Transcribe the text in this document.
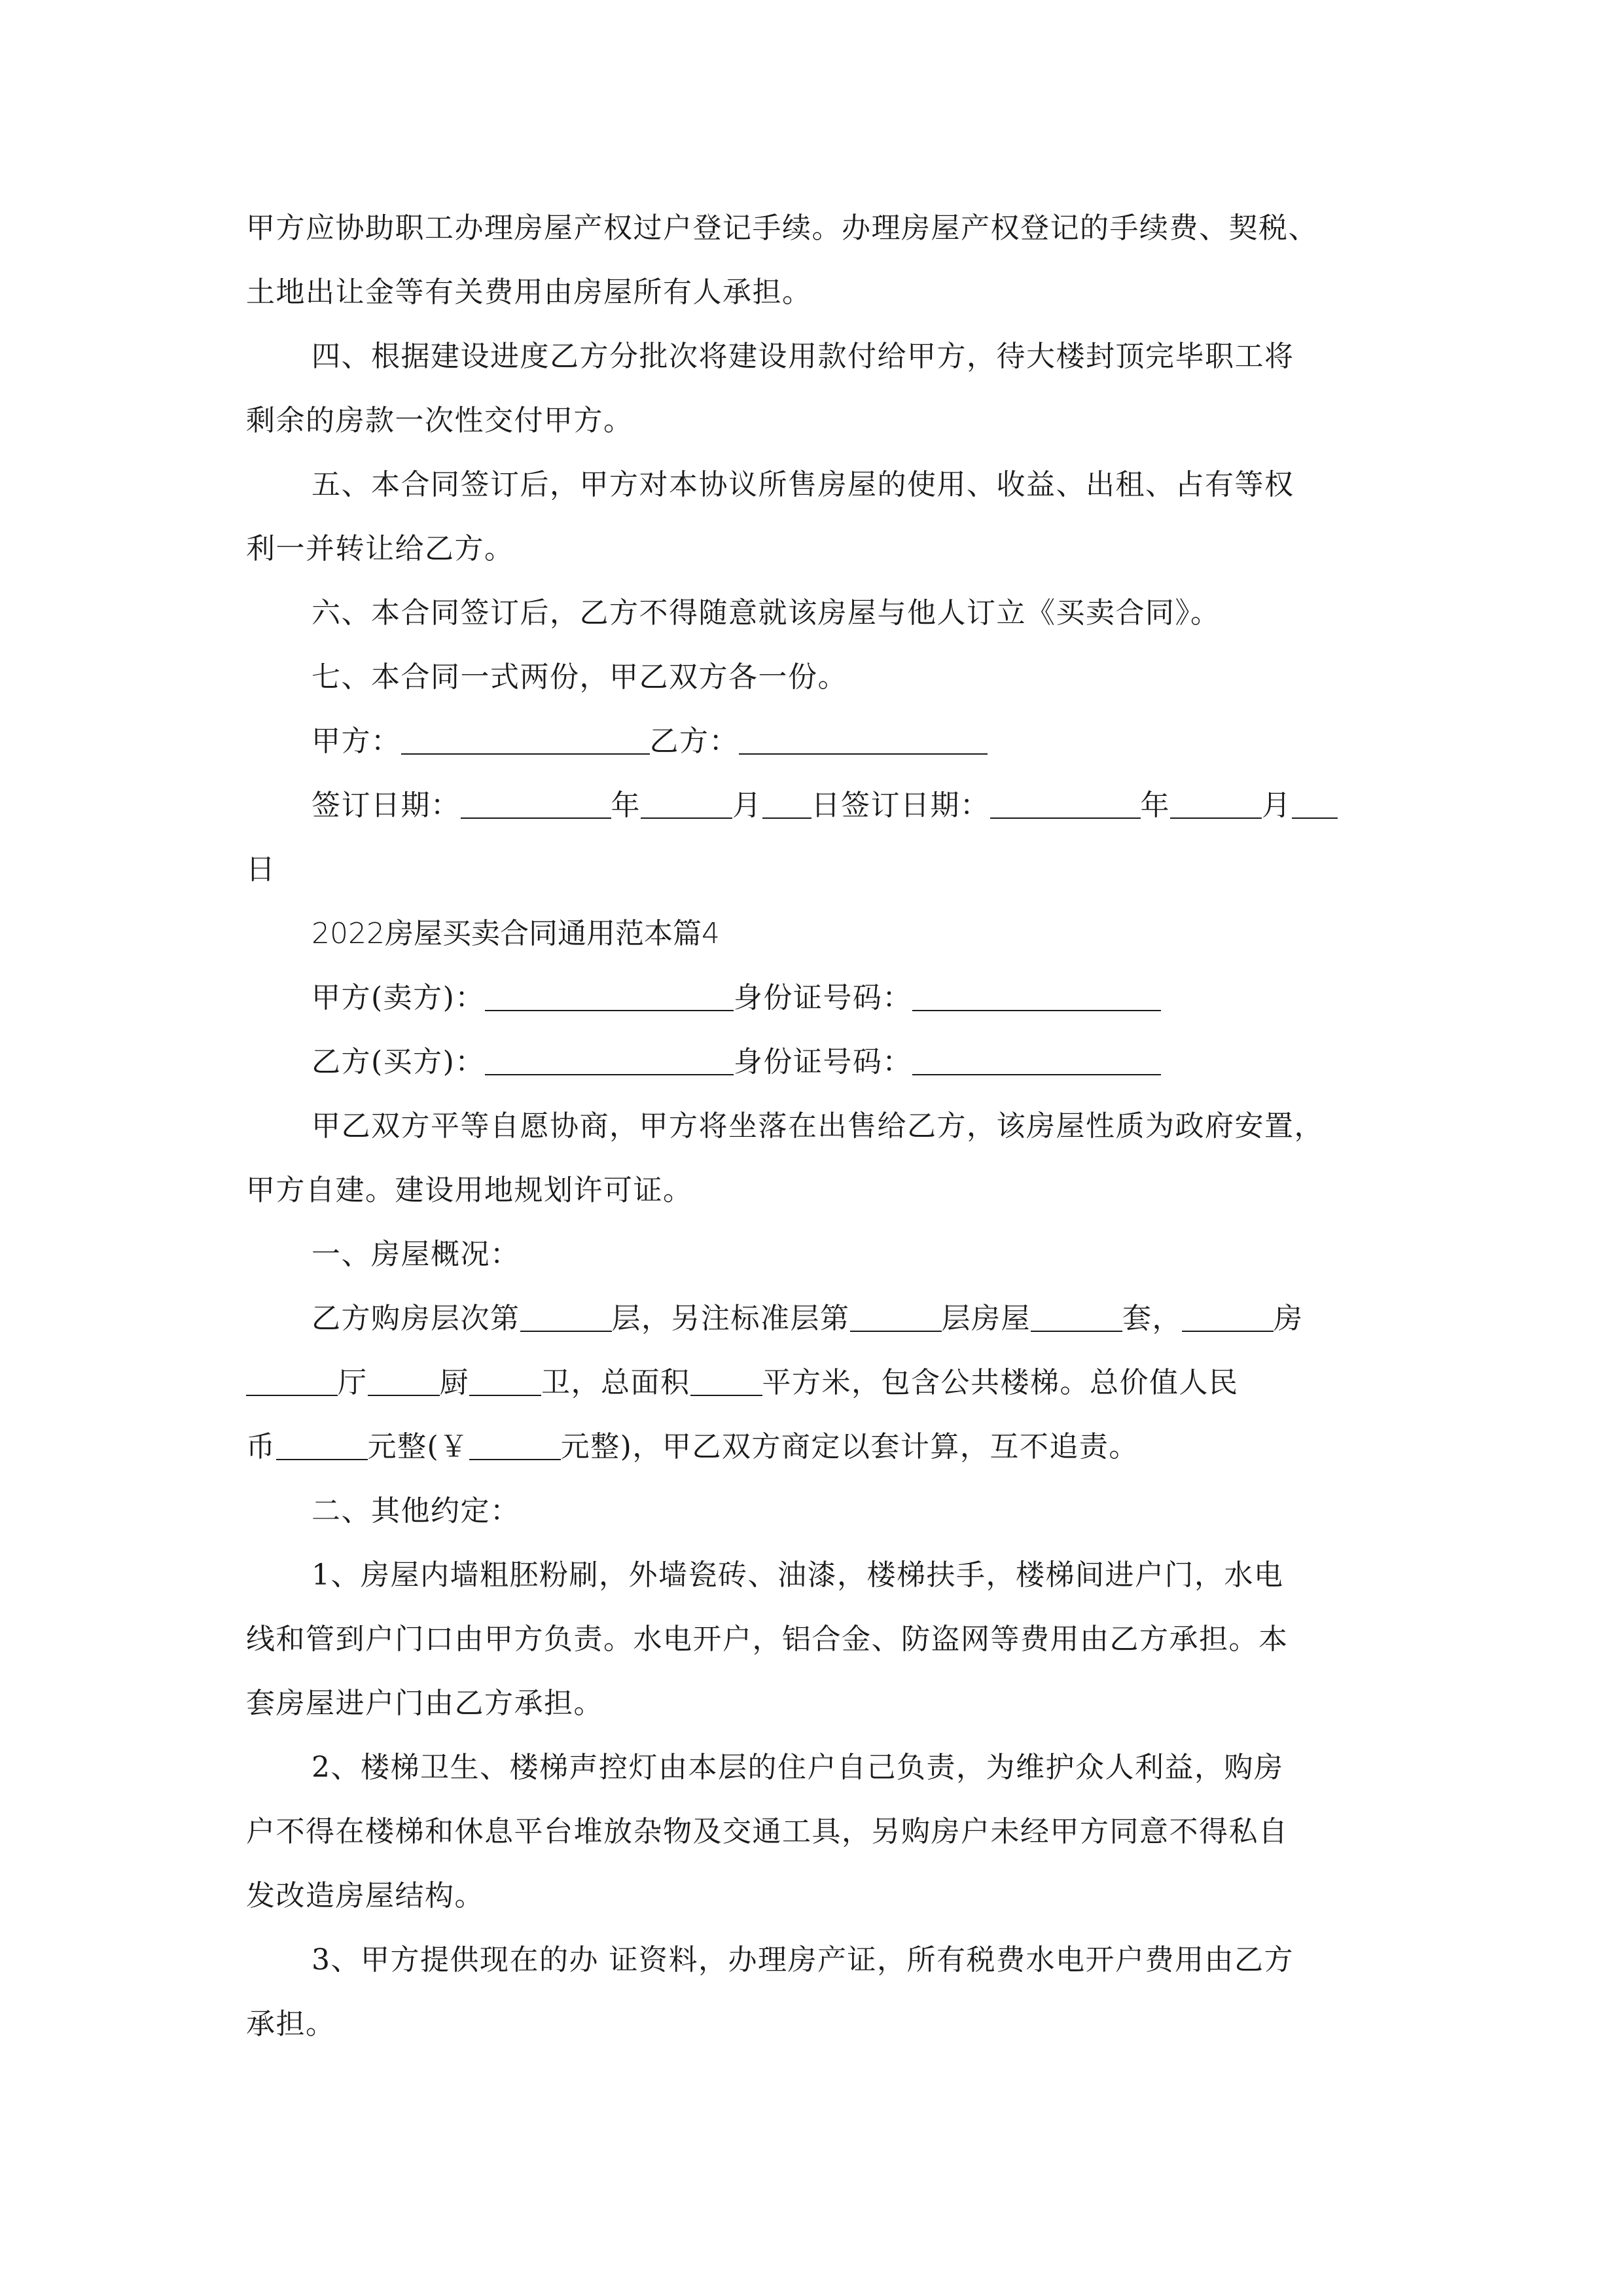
甲方应协助职工办理房屋产权过户登记手续。办理房屋产权登记的手续费、契税、
土地出让金等有关费用由房屋所有人承担。
四、根据建设进度乙方分批次将建设用款付给甲方，待大楼封顶完毕职工将
剩余的房款一次性交付甲方。
五、本合同签订后，甲方对本协议所售房屋的使用、收益、出租、占有等权
利一并转让给乙方。
六、本合同签订后，乙方不得随意就该房屋与他人订立《买卖合同》。
七、本合同一式两份，甲乙双方各一份。
甲方：	乙方：
签订日期：	年	月 日签订日期：	年	月
日
2022房屋买卖合同通用范本篇4
甲方(卖方)：	身份证号码：
乙方(买方)：	身份证号码：
甲乙双方平等自愿协商，甲方将坐落在出售给乙方，该房屋性质为政府安置，
甲方自建。建设用地规划许可证。
一、房屋概况：
乙方购房层次第	层，另注标准层第	层房屋	套，	房
厅	厨	卫，总面积	平方米，包含公共楼梯。总价值人民
币	元整(￥	元整)，甲乙双方商定以套计算，互不追责。
二、其他约定：
1、房屋内墙粗胚粉刷，外墙瓷砖、油漆，楼梯扶手，楼梯间进户门，水电
线和管到户门口由甲方负责。水电开户，铝合金、防盗网等费用由乙方承担。本
套房屋进户门由乙方承担。
2、楼梯卫生、楼梯声控灯由本层的住户自己负责，为维护众人利益，购房
户不得在楼梯和休息平台堆放杂物及交通工具，另购房户未经甲方同意不得私自
发改造房屋结构。
3、甲方提供现在的办 证资料，办理房产证，所有税费水电开户费用由乙方
承担。
